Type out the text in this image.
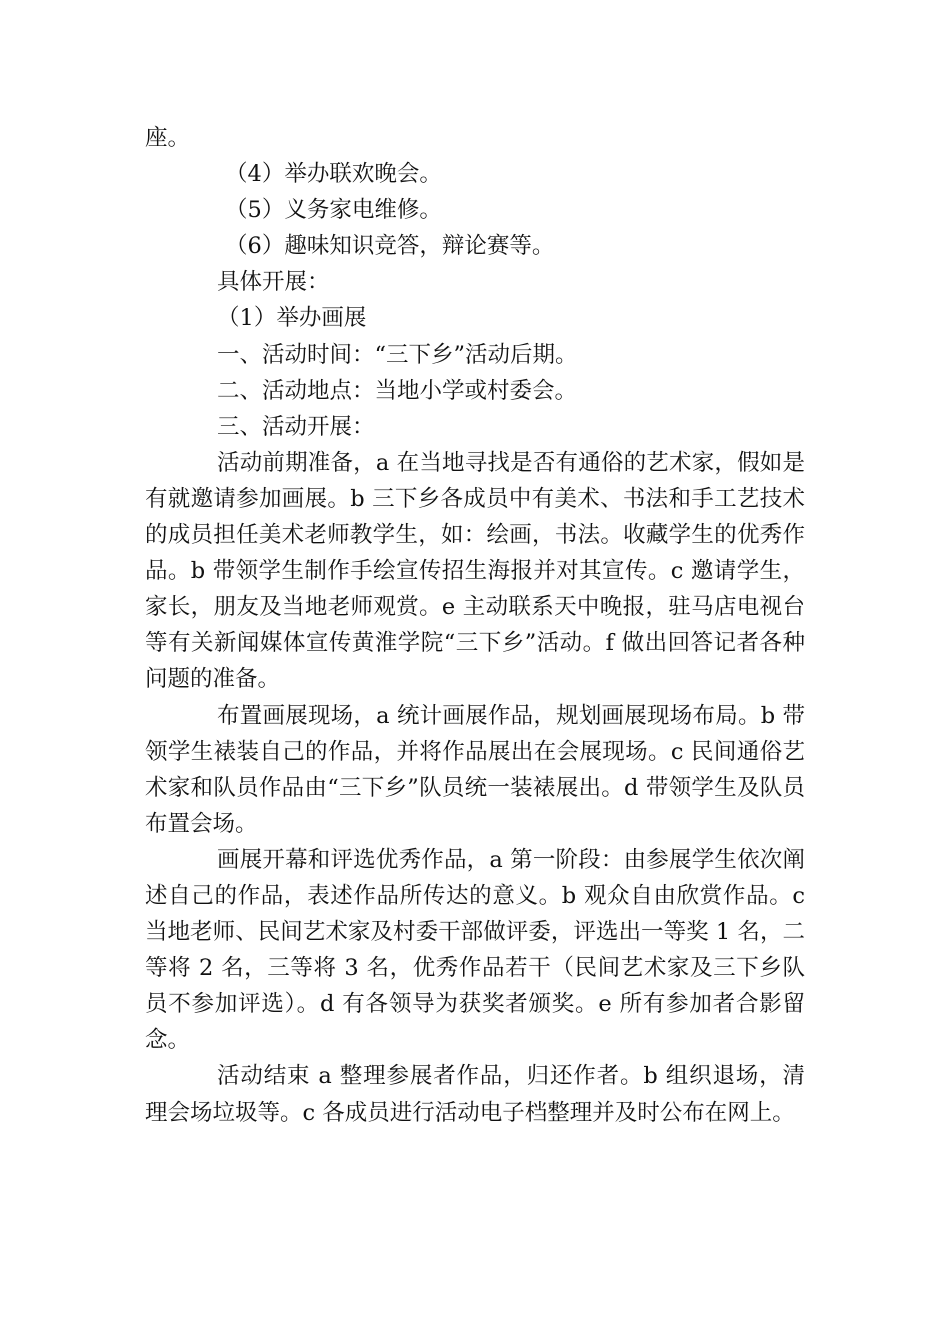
座。

（4）举办联欢晚会。

（5）义务家电维修。

（6）趣味知识竞答，辩论赛等。

具体开展：

（1）举办画展

一、活动时间：“三下乡”活动后期。

二、活动地点：当地小学或村委会。

三、活动开展：

活动前期准备，a 在当地寻找是否有通俗的艺术家，假如是有就邀请参加画展。b 三下乡各成员中有美术、书法和手工艺技术的成员担任美术老师教学生，如：绘画，书法。收藏学生的优秀作品。b 带领学生制作手绘宣传招生海报并对其宣传。c 邀请学生，家长，朋友及当地老师观赏。e 主动联系天中晚报，驻马店电视台等有关新闻媒体宣传黄淮学院“三下乡”活动。f 做出回答记者各种问题的准备。

布置画展现场，a 统计画展作品，规划画展现场布局。b 带领学生裱装自己的作品，并将作品展出在会展现场。c 民间通俗艺术家和队员作品由“三下乡”队员统一装裱展出。d 带领学生及队员布置会场。

画展开幕和评选优秀作品，a 第一阶段：由参展学生依次阐述自己的作品，表述作品所传达的意义。b 观众自由欣赏作品。c 当地老师、民间艺术家及村委干部做评委，评选出一等奖 1 名，二等将 2 名，三等将 3 名，优秀作品若干（民间艺术家及三下乡队员不参加评选）。d 有各领导为获奖者颁奖。e 所有参加者合影留念。

活动结束 a 整理参展者作品，归还作者。b 组织退场，清理会场垃圾等。c 各成员进行活动电子档整理并及时公布在网上。
